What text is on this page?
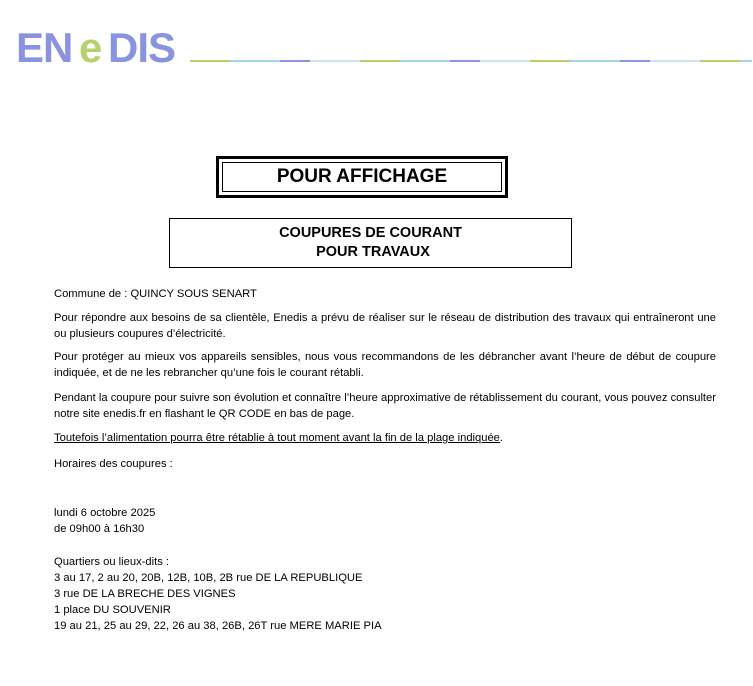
EN e DIS
POUR AFFICHAGE
COUPURES DE COURANT
POUR TRAVAUX
Commune de : QUINCY SOUS SENART
Pour répondre aux besoins de sa clientèle, Enedis a prévu de réaliser sur le réseau de distribution des travaux qui entraîneront une ou plusieurs coupures d’électricité.
Pour protéger au mieux vos appareils sensibles, nous vous recommandons de les débrancher avant l’heure de début de coupure indiquée, et de ne les rebrancher qu’une fois le courant rétabli.
Pendant la coupure pour suivre son évolution et connaître l’heure approximative de rétablissement du courant, vous pouvez consulter notre site enedis.fr en flashant le QR CODE en bas de page.
Toutefois l’alimentation pourra être rétablie à tout moment avant la fin de la plage indiquée.
Horaires des coupures :
lundi 6 octobre 2025
de 09h00 à 16h30
Quartiers ou lieux-dits :
3 au 17, 2 au 20, 20B, 12B, 10B, 2B rue DE LA REPUBLIQUE
3 rue DE LA BRECHE DES VIGNES
1 place DU SOUVENIR
19 au 21, 25 au 29, 22, 26 au 38, 26B, 26T rue MERE MARIE PIA
